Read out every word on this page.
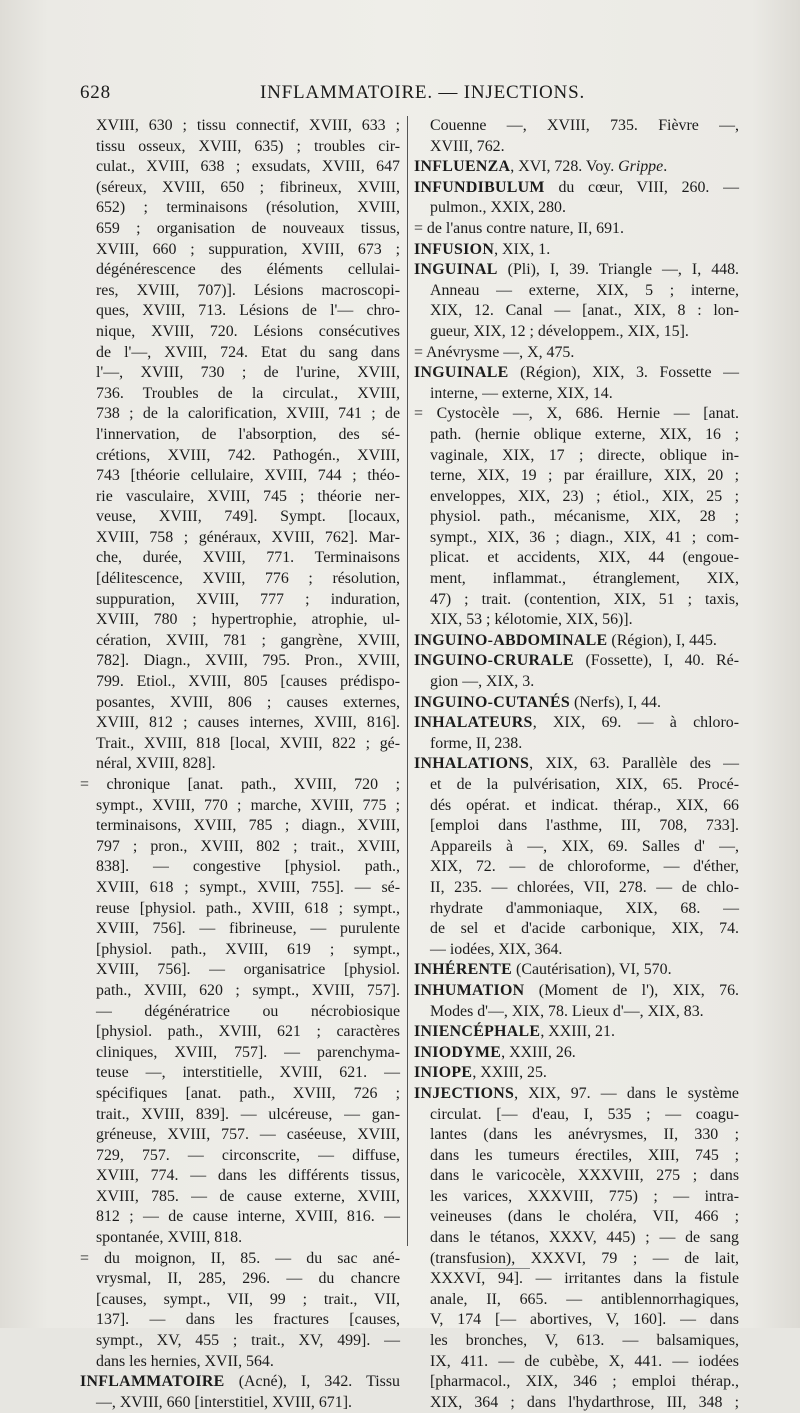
628	INFLAMMATOIRE. — INJECTIONS.
XVIII, 630 ; tissu connectif, XVIII, 633 ;
tissu osseux, XVIII, 635) ; troubles cir-
culat., XVIII, 638 ; exsudats, XVIII, 647
(séreux, XVIII, 650 ; fibrineux, XVIII,
652) ; terminaisons (résolution, XVIII,
659 ; organisation de nouveaux tissus,
XVIII, 660 ; suppuration, XVIII, 673 ;
dégénérescence des éléments cellulai-
res, XVIII, 707)]. Lésions macroscopi-
ques, XVIII, 713. Lésions de l'— chro-
nique, XVIII, 720. Lésions consécutives
de l'—, XVIII, 724. Etat du sang dans
l'—, XVIII, 730 ; de l'urine, XVIII,
736. Troubles de la circulat., XVIII,
738 ; de la calorification, XVIII, 741 ; de
l'innervation, de l'absorption, des sé-
crétions, XVIII, 742. Pathogén., XVIII,
743 [théorie cellulaire, XVIII, 744 ; théo-
rie vasculaire, XVIII, 745 ; théorie ner-
veuse, XVIII, 749]. Sympt. [locaux,
XVIII, 758 ; généraux, XVIII, 762]. Mar-
che, durée, XVIII, 771. Terminaisons
[délitescence, XVIII, 776 ; résolution,
suppuration, XVIII, 777 ; induration,
XVIII, 780 ; hypertrophie, atrophie, ul-
cération, XVIII, 781 ; gangrène, XVIII,
782]. Diagn., XVIII, 795. Pron., XVIII,
799. Etiol., XVIII, 805 [causes prédispo-
posantes, XVIII, 806 ; causes externes,
XVIII, 812 ; causes internes, XVIII, 816].
Trait., XVIII, 818 [local, XVIII, 822 ; gé-
néral, XVIII, 828].
= chronique [anat. path., XVIII, 720 ;
sympt., XVIII, 770 ; marche, XVIII, 775 ;
terminaisons, XVIII, 785 ; diagn., XVIII,
797 ; pron., XVIII, 802 ; trait., XVIII,
838]. — congestive [physiol. path.,
XVIII, 618 ; sympt., XVIII, 755]. — sé-
reuse [physiol. path., XVIII, 618 ; sympt.,
XVIII, 756]. — fibrineuse, — purulente
[physiol. path., XVIII, 619 ; sympt.,
XVIII, 756]. — organisatrice [physiol.
path., XVIII, 620 ; sympt., XVIII, 757].
— dégénératrice ou nécrobiosique
[physiol. path., XVIII, 621 ; caractères
cliniques, XVIII, 757]. — parenchyma-
teuse —, interstitielle, XVIII, 621. —
spécifiques [anat. path., XVIII, 726 ;
trait., XVIII, 839]. — ulcéreuse, — gan-
gréneuse, XVIII, 757. — caséeuse, XVIII,
729, 757. — circonscrite, — diffuse,
XVIII, 774. — dans les différents tissus,
XVIII, 785. — de cause externe, XVIII,
812 ; — de cause interne, XVIII, 816. —
spontanée, XVIII, 818.
= du moignon, II, 85. — du sac ané-
vrysmal, II, 285, 296. — du chancre
[causes, sympt., VII, 99 ; trait., VII,
137]. — dans les fractures [causes,
sympt., XV, 455 ; trait., XV, 499]. —
dans les hernies, XVII, 564.
INFLAMMATOIRE (Acné), I, 342. Tissu
—, XVIII, 660 [interstitiel, XVIII, 671].
Couenne —, XVIII, 735. Fièvre —,
XVIII, 762.
INFLUENZA, XVI, 728. Voy. Grippe.
INFUNDIBULUM du cœur, VIII, 260. —
pulmon., XXIX, 280.
= de l'anus contre nature, II, 691.
INFUSION, XIX, 1.
INGUINAL (Pli), I, 39. Triangle —, I, 448.
Anneau — externe, XIX, 5 ; interne,
XIX, 12. Canal — [anat., XIX, 8 : lon-
gueur, XIX, 12 ; développem., XIX, 15].
= Anévrysme —, X, 475.
INGUINALE (Région), XIX, 3. Fossette —
interne, — externe, XIX, 14.
= Cystocèle —, X, 686. Hernie — [anat.
path. (hernie oblique externe, XIX, 16 ;
vaginale, XIX, 17 ; directe, oblique in-
terne, XIX, 19 ; par éraillure, XIX, 20 ;
enveloppes, XIX, 23) ; étiol., XIX, 25 ;
physiol. path., mécanisme, XIX, 28 ;
sympt., XIX, 36 ; diagn., XIX, 41 ; com-
plicat. et accidents, XIX, 44 (engoue-
ment, inflammat., étranglement, XIX,
47) ; trait. (contention, XIX, 51 ; taxis,
XIX, 53 ; kélotomie, XIX, 56)].
INGUINO-ABDOMINALE (Région), I, 445.
INGUINO-CRURALE (Fossette), I, 40. Ré-
gion —, XIX, 3.
INGUINO-CUTANÉS (Nerfs), I, 44.
INHALATEURS, XIX, 69. — à chloro-
forme, II, 238.
INHALATIONS, XIX, 63. Parallèle des —
et de la pulvérisation, XIX, 65. Procé-
dés opérat. et indicat. thérap., XIX, 66
[emploi dans l'asthme, III, 708, 733].
Appareils à —, XIX, 69. Salles d' —,
XIX, 72. — de chloroforme, — d'éther,
II, 235. — chlorées, VII, 278. — de chlo-
rhydrate d'ammoniaque, XIX, 68. —
de sel et d'acide carbonique, XIX, 74.
— iodées, XIX, 364.
INHÉRENTE (Cautérisation), VI, 570.
INHUMATION (Moment de l'), XIX, 76.
Modes d'—, XIX, 78. Lieux d'—, XIX, 83.
INIENCÉPHALE, XXIII, 21.
INIODYME, XXIII, 26.
INIOPE, XXIII, 25.
INJECTIONS, XIX, 97. — dans le système
circulat. [— d'eau, I, 535 ; — coagu-
lantes (dans les anévrysmes, II, 330 ;
dans les tumeurs érectiles, XIII, 745 ;
dans le varicocèle, XXXVIII, 275 ; dans
les varices, XXXVIII, 775) ; — intra-
veineuses (dans le choléra, VII, 466 ;
dans le tétanos, XXXV, 445) ; — de sang
(transfusion), XXXVI, 79 ; — de lait,
XXXVI, 94]. — irritantes dans la fistule
anale, II, 665. — antiblennorrhagiques,
V, 174 [— abortives, V, 160]. — dans
les bronches, V, 613. — balsamiques,
IX, 411. — de cubèbe, X, 441. — iodées
[pharmacol., XIX, 346 ; emploi thérap.,
XIX, 364 ; dans l'hydarthrose, III, 348 ;
